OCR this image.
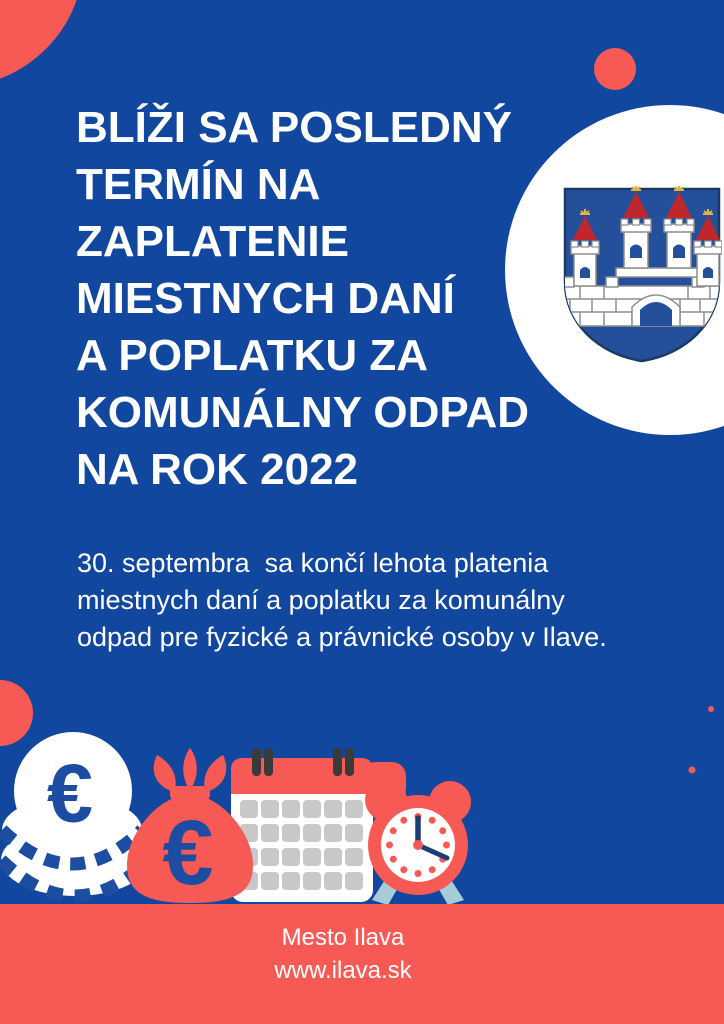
BLÍŽI SA POSLEDNÝ
TERMÍN NA
ZAPLATENIE
MIESTNYCH DANÍ
A POPLATKU ZA
KOMUNÁLNY ODPAD
NA ROK 2022

30. septembra  sa končí lehota platenia
miestnych daní a poplatku za komunálny
odpad pre fyzické a právnické osoby v Ilave.

€
€
Mesto Ilava
www.ilava.sk
